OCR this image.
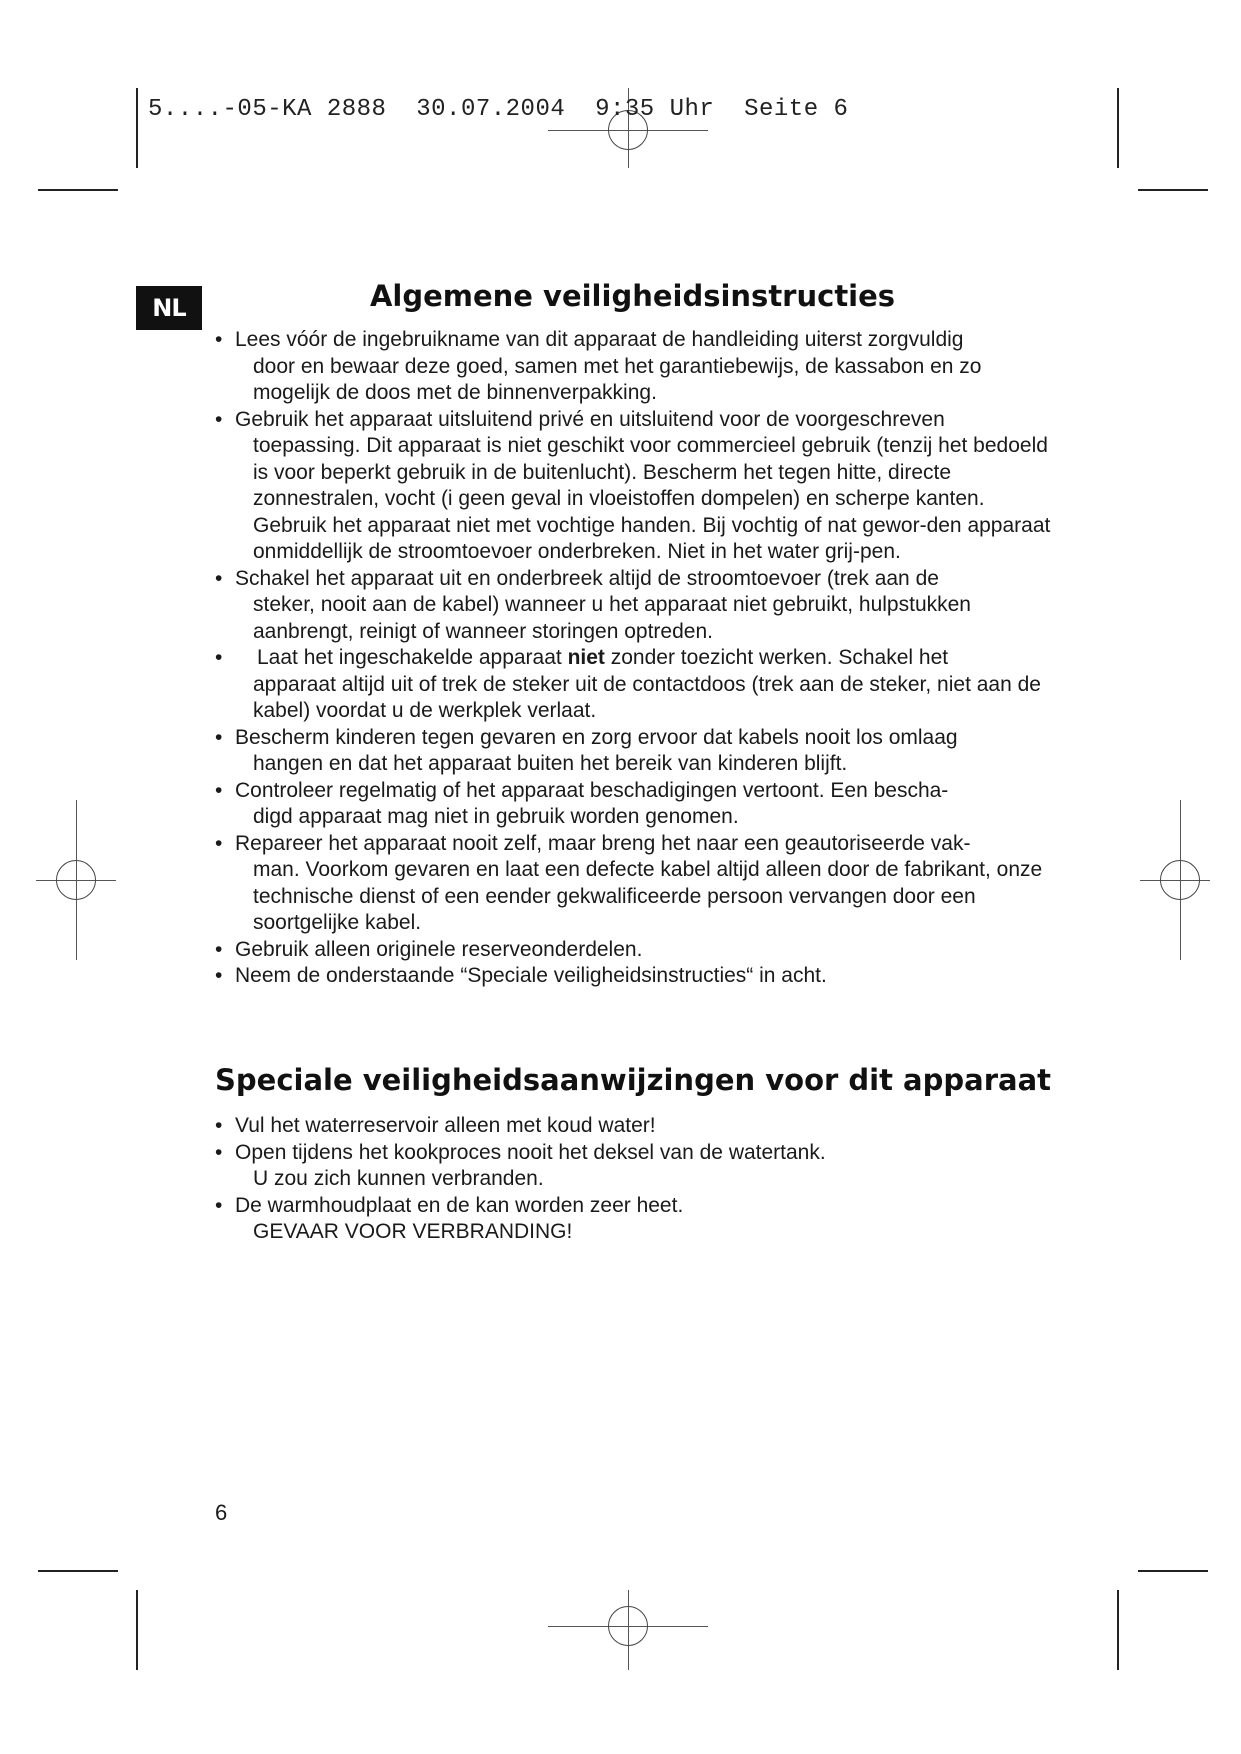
5....-05-KA 2888  30.07.2004  9:35 Uhr  Seite 6
NL	Algemene veiligheidsinstructies
• Lees vóór de ingebruikname van dit apparaat de handleiding uiterst zorgvuldig
door en bewaar deze goed, samen met het garantiebewijs, de kassabon en zo mogelijk de doos met de binnenverpakking.
• Gebruik het apparaat uitsluitend privé en uitsluitend voor de voorgeschreven
toepassing. Dit apparaat is niet geschikt voor commercieel gebruik (tenzij het bedoeld is voor beperkt gebruik in de buitenlucht). Bescherm het tegen hitte, directe zonnestralen, vocht (i geen geval in vloeistoffen dompelen) en scherpe kanten. Gebruik het apparaat niet met vochtige handen. Bij vochtig of nat gewor-den apparaat onmiddellijk de stroomtoevoer onderbreken. Niet in het water grij-pen.
• Schakel het apparaat uit en onderbreek altijd de stroomtoevoer (trek aan de
steker, nooit aan de kabel) wanneer u het apparaat niet gebruikt, hulpstukken aanbrengt, reinigt of wanneer storingen optreden.
• Laat het ingeschakelde apparaat niet zonder toezicht werken. Schakel het
apparaat altijd uit of trek de steker uit de contactdoos (trek aan de steker, niet aan de kabel) voordat u de werkplek verlaat.
• Bescherm kinderen tegen gevaren en zorg ervoor dat kabels nooit los omlaag
hangen en dat het apparaat buiten het bereik van kinderen blijft.
• Controleer regelmatig of het apparaat beschadigingen vertoont. Een bescha-
digd apparaat mag niet in gebruik worden genomen.
• Repareer het apparaat nooit zelf, maar breng het naar een geautoriseerde vak-
man. Voorkom gevaren en laat een defecte kabel altijd alleen door de fabrikant, onze technische dienst of een eender gekwalificeerde persoon vervangen door een soortgelijke kabel.
• Gebruik alleen originele reserveonderdelen.
• Neem de onderstaande “Speciale veiligheidsinstructies“ in acht.
Speciale veiligheidsaanwijzingen voor dit apparaat
• Vul het waterreservoir alleen met koud water!
• Open tijdens het kookproces nooit het deksel van de watertank.
U zou zich kunnen verbranden.
• De warmhoudplaat en de kan worden zeer heet.
GEVAAR VOOR VERBRANDING!
6
